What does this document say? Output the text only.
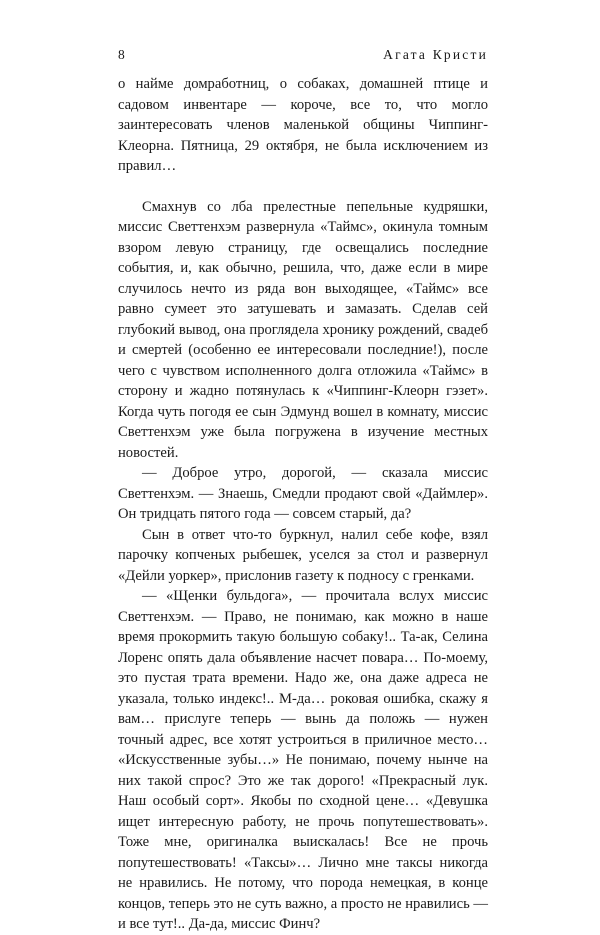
8	Агата Кристи

о найме домработниц, о собаках, домашней птице и садовом инвентаре — короче, все то, что могло заинтересовать членов маленькой общины Чиппинг-Клеорна. Пятница, 29 октября, не была исключением из правил…

Смахнув со лба прелестные пепельные кудряшки, миссис Светтенхэм развернула «Таймс», окинула томным взором левую страницу, где освещались последние события, и, как обычно, решила, что, даже если в мире случилось нечто из ряда вон выходящее, «Таймс» все равно сумеет это затушевать и замазать. Сделав сей глубокий вывод, она проглядела хронику рождений, свадеб и смертей (особенно ее интересовали последние!), после чего с чувством исполненного долга отложила «Таймс» в сторону и жадно потянулась к «Чиппинг-Клеорн гэзет». Когда чуть погодя ее сын Эдмунд вошел в комнату, миссис Светтенхэм уже была погружена в изучение местных новостей.

— Доброе утро, дорогой, — сказала миссис Светтенхэм. — Знаешь, Смедли продают свой «Даймлер». Он тридцать пятого года — совсем старый, да?

Сын в ответ что-то буркнул, налил себе кофе, взял парочку копченых рыбешек, уселся за стол и развернул «Дейли уоркер», прислонив газету к подносу с гренками.

— «Щенки бульдога», — прочитала вслух миссис Светтенхэм. — Право, не понимаю, как можно в наше время прокормить такую большую собаку!.. Та-ак, Селина Лоренс опять дала объявление насчет повара… По-моему, это пустая трата времени. Надо же, она даже адреса не указала, только индекс!.. М-да… роковая ошибка, скажу я вам… прислуге теперь — вынь да положь — нужен точный адрес, все хотят устроиться в приличное место… «Искусственные зубы…» Не понимаю, почему нынче на них такой спрос? Это же так дорого! «Прекрасный лук. Наш особый сорт». Якобы по сходной цене… «Девушка ищет интересную работу, не прочь попутешествовать». Тоже мне, оригиналка выискалась! Все не прочь попутешествовать! «Таксы»… Лично мне таксы никогда не нравились. Не потому, что порода немецкая, в конце концов, теперь это не суть важно, а просто не нравились — и все тут!.. Да-да, миссис Финч?
